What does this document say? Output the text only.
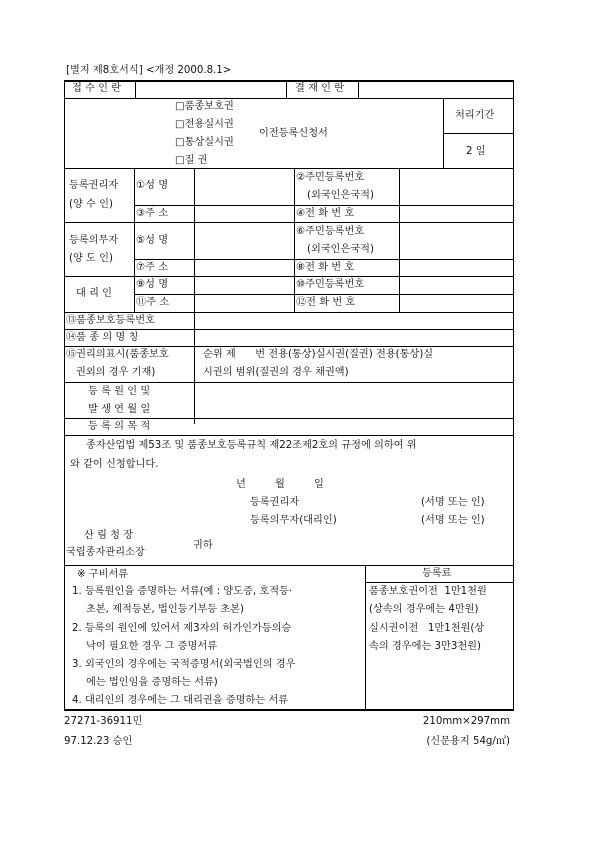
[별지 제8호서식] <개정 2000.8.1>
접 수 인 란	결 재 인 란
□품종보호권
□전용실시권
□통상실시권
□질 권
이전등록신청서
처리기간
2 일
등록권리자
(양 수 인)
①성 명
③주 소
②주민등록번호
(외국인은국적)
④전 화 번 호
등록의무자
(양 도 인)
⑤성 명
⑦주 소
⑥주민등록번호
(외국인은국적)
⑧전 화 번 호
대 리 인
⑨성 명
⑪주 소
⑩주민등록번호
⑫전 화 번 호
⑬품종보호등록번호
⑭품 종 의 명 칭
⑮권리의표시(품종보호
권외의 경우 기재)
순위 제      번 전용(통상)실시권(질권) 전용(통상)실
시권의 범위(질권의 경우 채권액)
등 록 원 인 및
발 생 연 월 일
등 록 의 목 적
종자산업법 제53조 및 품종보호등록규칙 제22조제2호의 규정에 의하여 위
와 같이 신청합니다.
년         월         일
등록권리자
등록의무자(대리인)
(서명 또는 인)
(서명 또는 인)
산 림 청 장
국립종자관리소장
귀하
※ 구비서류
1. 등록원인을 증명하는 서류(예 : 양도증, 호적등·
초본, 제적등본, 법인등기부등 초본)
2. 등록의 원인에 있어서 제3자의 허가인가등의승
낙이 필요한 경우 그 증명서류
3. 외국인의 경우에는 국적증명서(외국법인의 경우
에는 법인임을 증명하는 서류)
4. 대리인의 경우에는 그 대리권을 증명하는 서류
등록료
품종보호권이전  1만1천원
(상속의 경우에는 4만원)
실시권이전   1만1천원(상
속의 경우에는 3만3천원)
27271-36911민
97.12.23 승인
210mm×297mm
(신문용지 54g/㎡)
